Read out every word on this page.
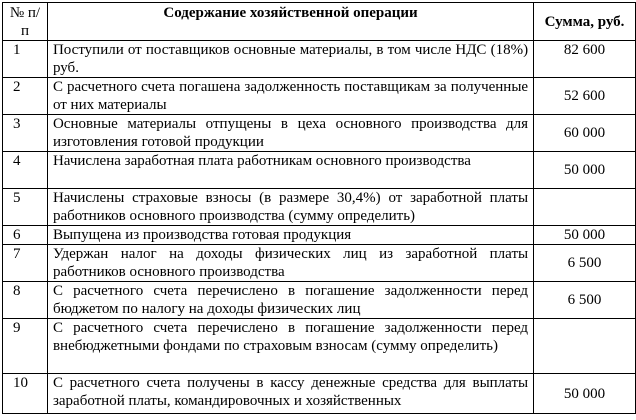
№ п/п	Содержание хозяйственной операции	Сумма, руб.
1	Поступили от поставщиков основные материалы, в том числе НДС (18%) руб.	82 600
2	С расчетного счета погашена задолженность поставщикам за полученные от них материалы	52 600
3	Основные материалы отпущены в цеха основного производства для изготовления готовой продукции	60 000
4	Начислена заработная плата работникам основного производства	50 000
5	Начислены страховые взносы (в размере 30,4%) от заработной платы работников основного производства (сумму определить)	
6	Выпущена из производства готовая продукция	50 000
7	Удержан налог на доходы физических лиц из заработной платы работников основного производства	6 500
8	С расчетного счета перечислено в погашение задолженности перед бюджетом по налогу на доходы физических лиц	6 500
9	С расчетного счета перечислено в погашение задолженности перед внебюджетными фондами по страховым взносам (сумму определить)	
10	С расчетного счета получены в кассу денежные средства для выплаты заработной платы, командировочных и хозяйственных	50 000
